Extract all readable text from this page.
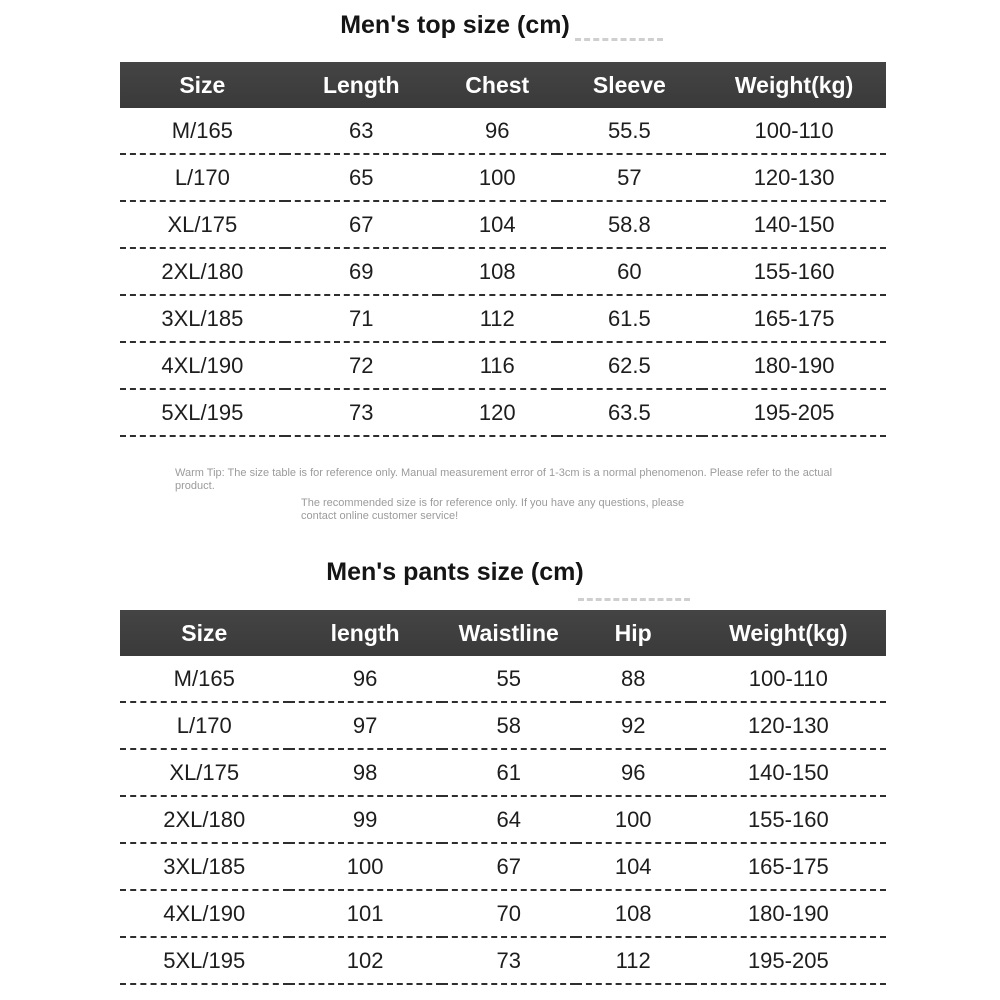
Men's top size (cm)
Size	Length	Chest	Sleeve	Weight(kg)
M/165	63	96	55.5	100-110
L/170	65	100	57	120-130
XL/175	67	104	58.8	140-150
2XL/180	69	108	60	155-160
3XL/185	71	112	61.5	165-175
4XL/190	72	116	62.5	180-190
5XL/195	73	120	63.5	195-205

Warm Tip: The size table is for reference only. Manual measurement error of 1-3cm is a normal phenomenon. Please refer to the actual product.

The recommended size is for reference only. If you have any questions, please contact online customer service!

Men's pants size (cm)
Size	length	Waistline	Hip	Weight(kg)
M/165	96	55	88	100-110
L/170	97	58	92	120-130
XL/175	98	61	96	140-150
2XL/180	99	64	100	155-160
3XL/185	100	67	104	165-175
4XL/190	101	70	108	180-190
5XL/195	102	73	112	195-205
